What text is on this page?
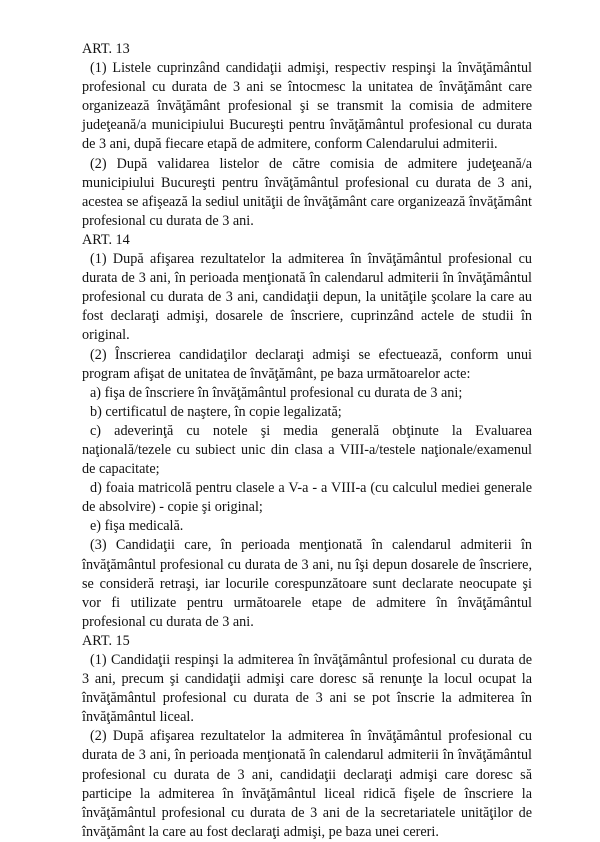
ART. 13

(1) Listele cuprinzând candidaţii admişi, respectiv respinşi la învăţământul profesional cu durata de 3 ani se întocmesc la unitatea de învăţământ care organizează învăţământ profesional şi se transmit la comisia de admitere judeţeană/a municipiului Bucureşti pentru învăţământul profesional cu durata de 3 ani, după fiecare etapă de admitere, conform Calendarului admiterii.

(2) După validarea listelor de către comisia de admitere judeţeană/a municipiului Bucureşti pentru învăţământul profesional cu durata de 3 ani, acestea se afişează la sediul unităţii de învăţământ care organizează învăţământ profesional cu durata de 3 ani.

ART. 14

(1) După afişarea rezultatelor la admiterea în învăţământul profesional cu durata de 3 ani, în perioada menţionată în calendarul admiterii în învăţământul profesional cu durata de 3 ani, candidaţii depun, la unităţile şcolare la care au fost declaraţi admişi, dosarele de înscriere, cuprinzând actele de studii în original.

(2) Înscrierea candidaţilor declaraţi admişi se efectuează, conform unui program afişat de unitatea de învăţământ, pe baza următoarelor acte:

a) fişa de înscriere în învăţământul profesional cu durata de 3 ani;

b) certificatul de naştere, în copie legalizată;

c) adeverinţă cu notele şi media generală obţinute la Evaluarea naţională/tezele cu subiect unic din clasa a VIII-a/testele naţionale/examenul de capacitate;

d) foaia matricolă pentru clasele a V-a - a VIII-a (cu calculul mediei generale de absolvire) - copie şi original;

e) fişa medicală.

(3) Candidaţii care, în perioada menţionată în calendarul admiterii în învăţământul profesional cu durata de 3 ani, nu îşi depun dosarele de înscriere, se consideră retraşi, iar locurile corespunzătoare sunt declarate neocupate şi vor fi utilizate pentru următoarele etape de admitere în învăţământul profesional cu durata de 3 ani.

ART. 15

(1) Candidaţii respinşi la admiterea în învăţământul profesional cu durata de 3 ani, precum şi candidaţii admişi care doresc să renunţe la locul ocupat la învăţământul profesional cu durata de 3 ani se pot înscrie la admiterea în învăţământul liceal.

(2) După afişarea rezultatelor la admiterea în învăţământul profesional cu durata de 3 ani, în perioada menţionată în calendarul admiterii în învăţământul profesional cu durata de 3 ani, candidaţii declaraţi admişi care doresc să participe la admiterea în învăţământul liceal ridică fişele de înscriere la învăţământul profesional cu durata de 3 ani de la secretariatele unităţilor de învăţământ la care au fost declaraţi admişi, pe baza unei cereri.
